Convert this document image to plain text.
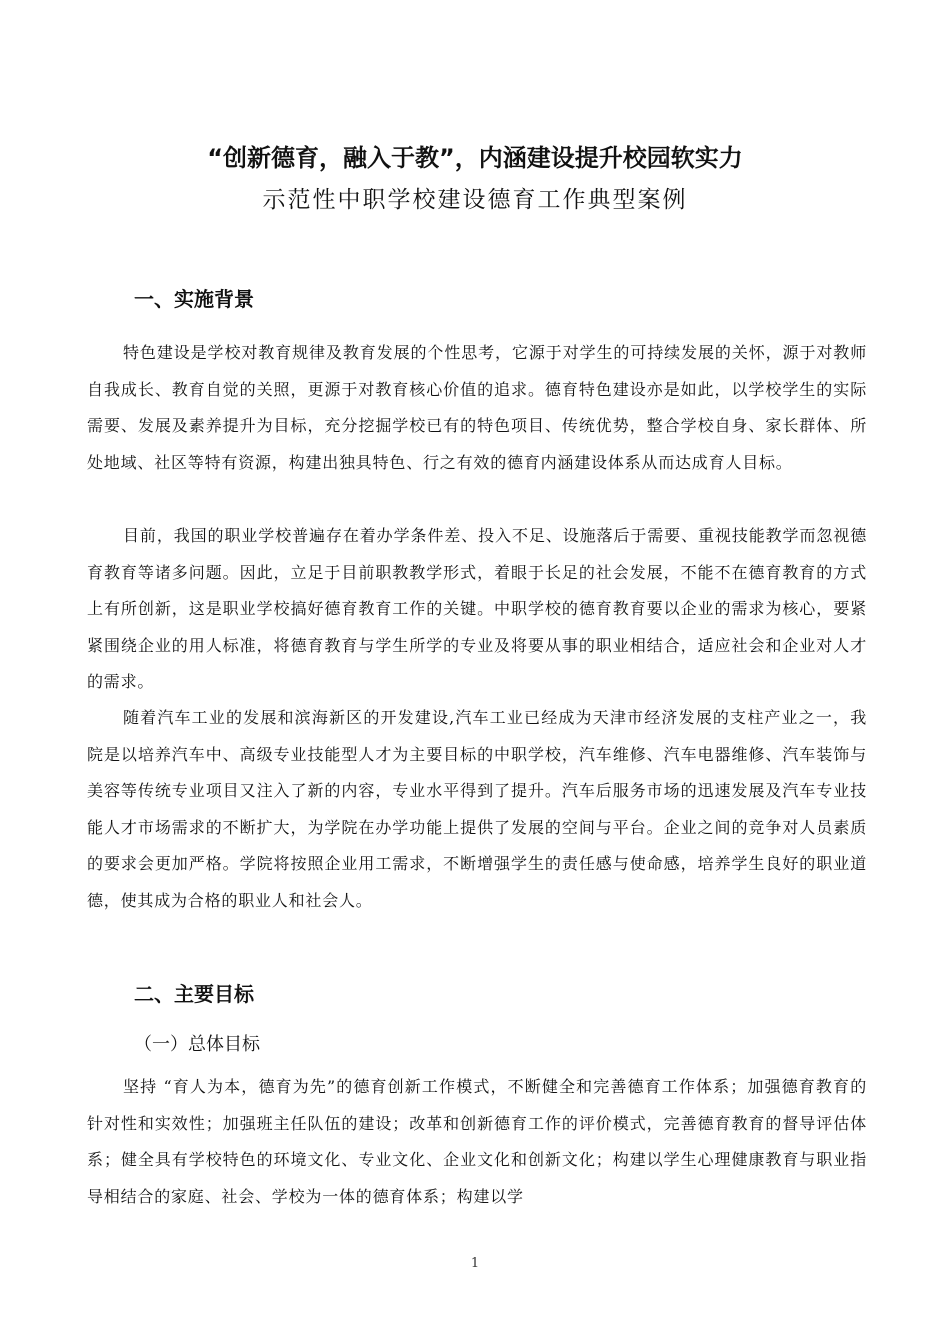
“创新德育，融入于教”，内涵建设提升校园软实力
示范性中职学校建设德育工作典型案例
一、实施背景

特色建设是学校对教育规律及教育发展的个性思考，它源于对学生的可持续发展的关怀，源于对教师自我成长、教育自觉的关照，更源于对教育核心价值的追求。德育特色建设亦是如此，以学校学生的实际需要、发展及素养提升为目标，充分挖掘学校已有的特色项目、传统优势，整合学校自身、家长群体、所处地域、社区等特有资源，构建出独具特色、行之有效的德育内涵建设体系从而达成育人目标。

目前，我国的职业学校普遍存在着办学条件差、投入不足、设施落后于需要、重视技能教学而忽视德育教育等诸多问题。因此，立足于目前职教教学形式，着眼于长足的社会发展，不能不在德育教育的方式上有所创新，这是职业学校搞好德育教育工作的关键。中职学校的德育教育要以企业的需求为核心，要紧紧围绕企业的用人标准，将德育教育与学生所学的专业及将要从事的职业相结合，适应社会和企业对人才的需求。

随着汽车工业的发展和滨海新区的开发建设,汽车工业已经成为天津市经济发展的支柱产业之一，我院是以培养汽车中、高级专业技能型人才为主要目标的中职学校，汽车维修、汽车电器维修、汽车装饰与美容等传统专业项目又注入了新的内容，专业水平得到了提升。汽车后服务市场的迅速发展及汽车专业技能人才市场需求的不断扩大，为学院在办学功能上提供了发展的空间与平台。企业之间的竞争对人员素质的要求会更加严格。学院将按照企业用工需求，不断增强学生的责任感与使命感，培养学生良好的职业道德，使其成为合格的职业人和社会人。

二、主要目标
（一）总体目标

坚持 “育人为本，德育为先”的德育创新工作模式，不断健全和完善德育工作体系；加强德育教育的针对性和实效性；加强班主任队伍的建设；改革和创新德育工作的评价模式，完善德育教育的督导评估体系；健全具有学校特色的环境文化、专业文化、企业文化和创新文化；构建以学生心理健康教育与职业指导相结合的家庭、社会、学校为一体的德育体系；构建以学

1
